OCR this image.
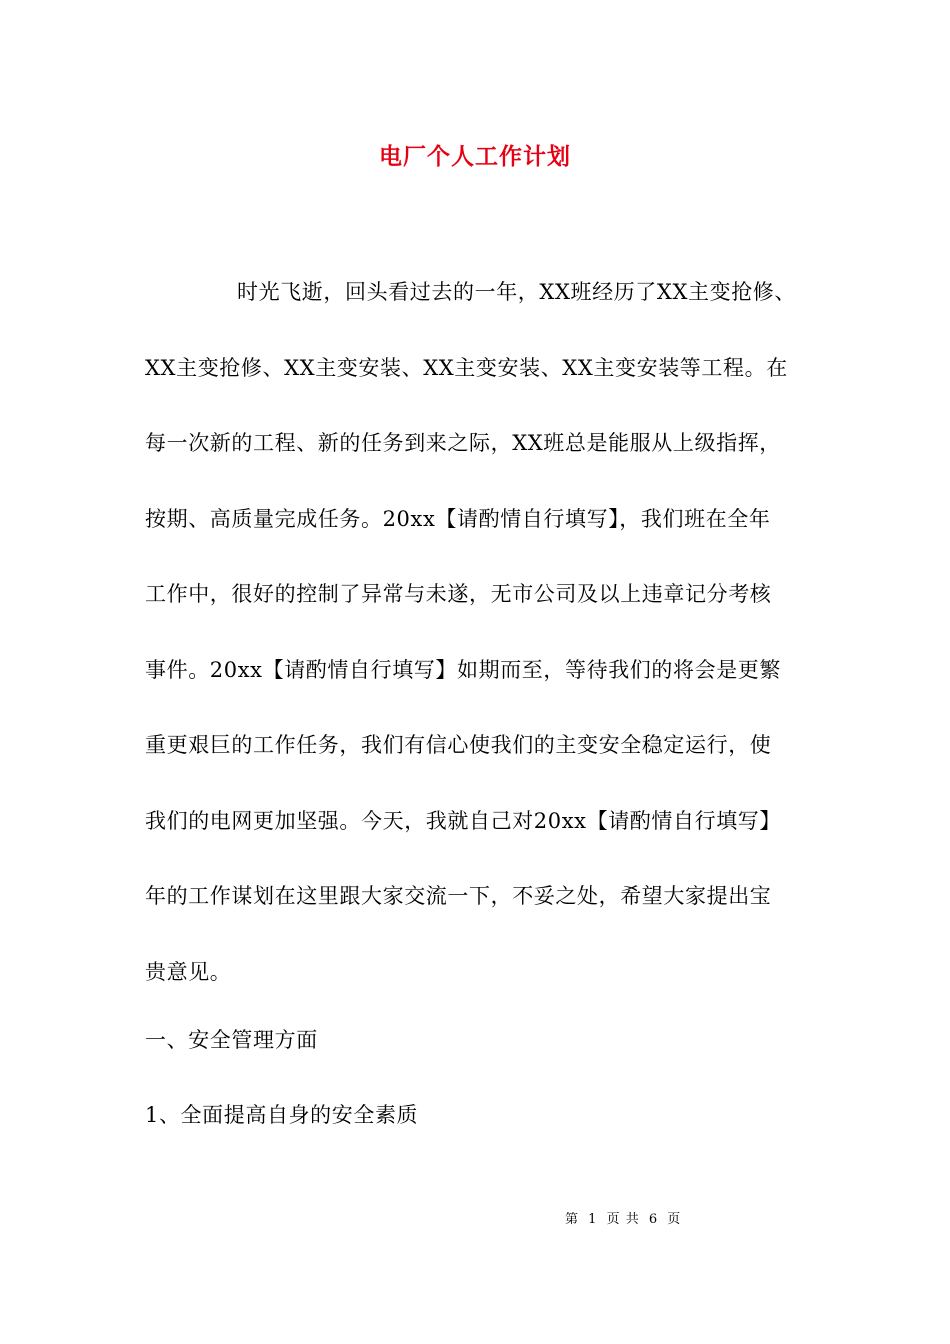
电厂个人工作计划
时光飞逝，回头看过去的一年，XX班经历了XX主变抢修、
XX主变抢修、XX主变安装、XX主变安装、XX主变安装等工程。在
每一次新的工程、新的任务到来之际，XX班总是能服从上级指挥，
按期、高质量完成任务。20xx【请酌情自行填写】，我们班在全年
工作中，很好的控制了异常与未遂，无市公司及以上违章记分考核
事件。20xx【请酌情自行填写】如期而至，等待我们的将会是更繁
重更艰巨的工作任务，我们有信心使我们的主变安全稳定运行，使
我们的电网更加坚强。今天，我就自己对20xx【请酌情自行填写】
年的工作谋划在这里跟大家交流一下，不妥之处，希望大家提出宝
贵意见。
一、安全管理方面
1、全面提高自身的安全素质
第 1 页 共 6 页
